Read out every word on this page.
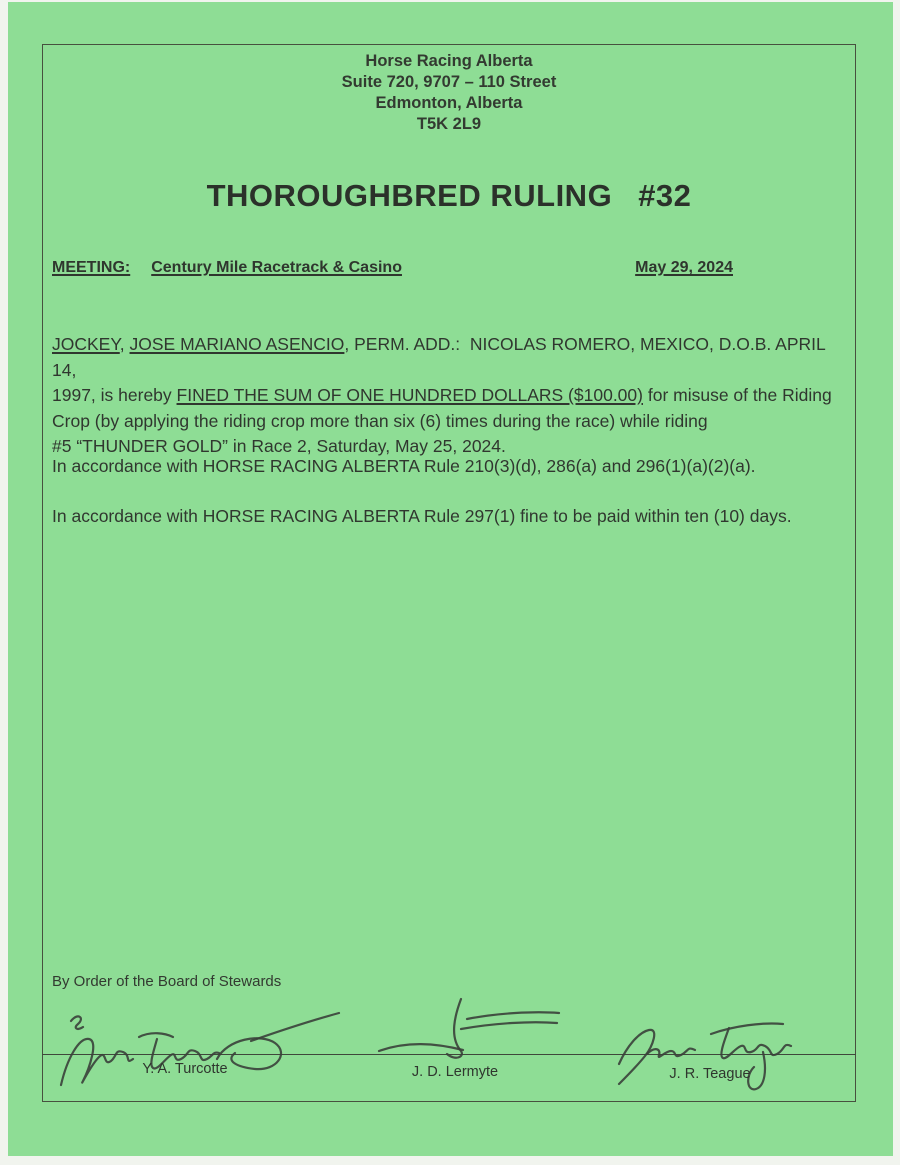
Horse Racing Alberta
Suite 720, 9707 – 110 Street
Edmonton, Alberta
T5K 2L9
THOROUGHBRED RULING #32
MEETING: Century Mile Racetrack & Casino	May 29, 2024
JOCKEY, JOSE MARIANO ASENCIO, PERM. ADD.:  NICOLAS ROMERO, MEXICO, D.O.B. APRIL 14,
1997, is hereby FINED THE SUM OF ONE HUNDRED DOLLARS ($100.00) for misuse of the Riding
Crop (by applying the riding crop more than six (6) times during the race) while riding
#5 “THUNDER GOLD” in Race 2, Saturday, May 25, 2024.
In accordance with HORSE RACING ALBERTA Rule 210(3)(d), 286(a) and 296(1)(a)(2)(a).
In accordance with HORSE RACING ALBERTA Rule 297(1) fine to be paid within ten (10) days.
By Order of the Board of Stewards
Y. A. Turcotte	J. D. Lermyte	J. R. Teague
